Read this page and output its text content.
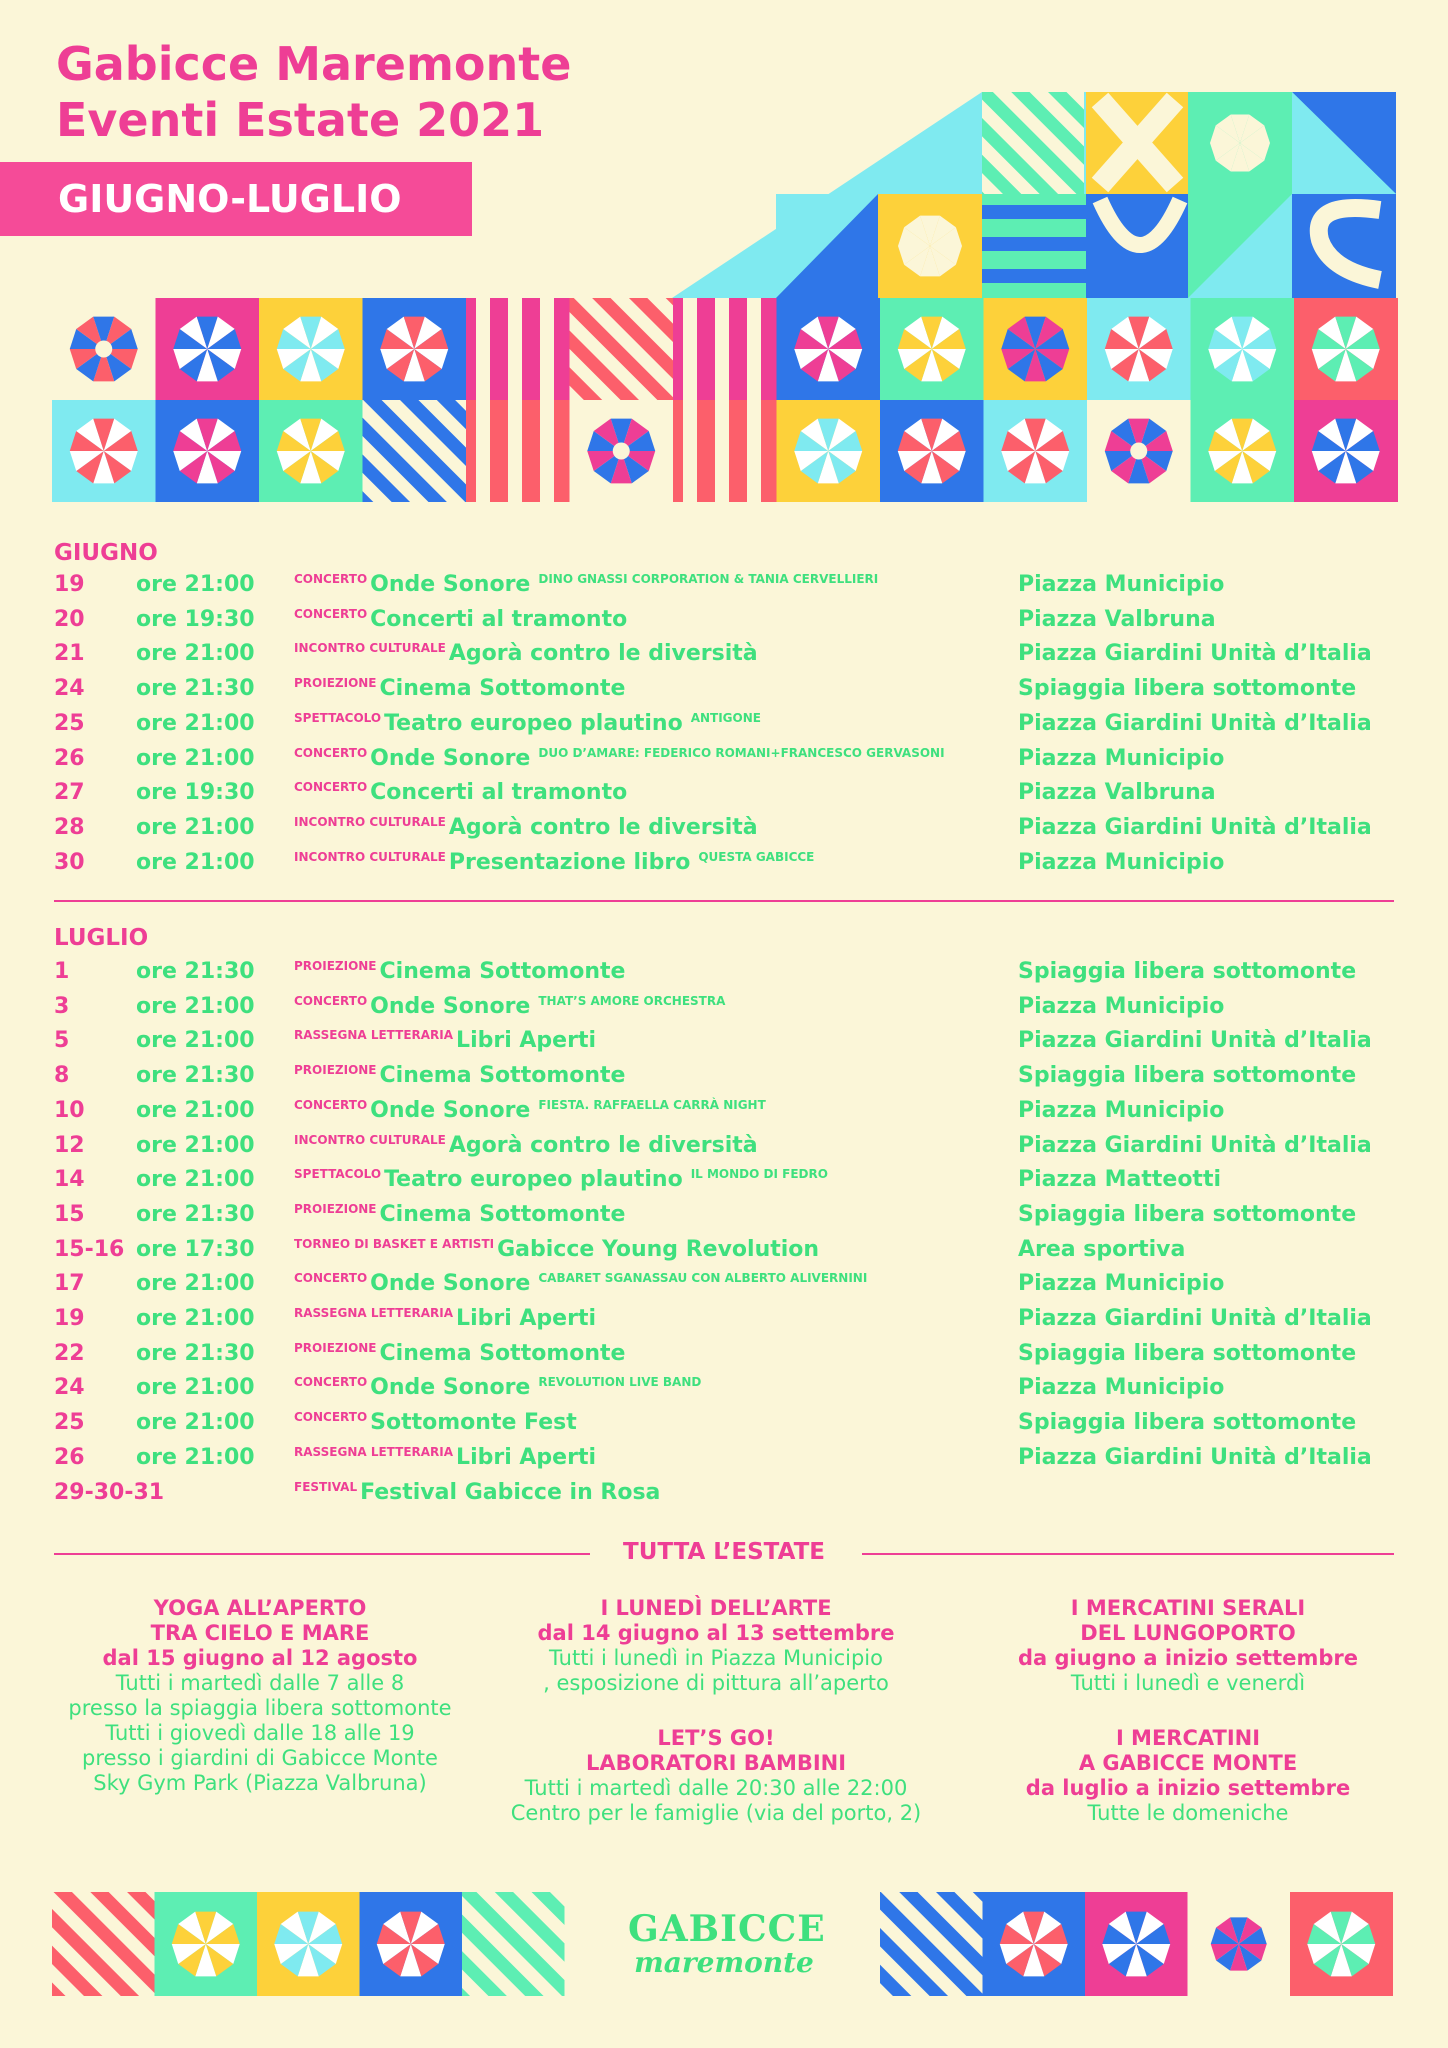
Gabicce Maremonte
Eventi Estate 2021
GIUGNO-LUGLIO
GIUGNO
19 ore 21:00	$^{CONCERTO}$ Onde Sonore $^{DINO GNASSI CORPORATION \& TANIA CERVELLIERI}$	Piazza Municipio
20 ore 19:30	$^{CONCERTO}$ Concerti al tramonto	Piazza Valbruna
21 ore 21:00	$^{INCONTRO CULTURALE}$ Agorà contro le diversità	Piazza Giardini Unità d’Italia
24 ore 21:30	$^{PROIEZIONE}$ Cinema Sottomonte	Spiaggia libera sottomonte
25 ore 21:00	$^{SPETTACOLO}$ Teatro europeo plautino $^{ANTIGONE}$	Piazza Giardini Unità d’Italia
26 ore 21:00	$^{CONCERTO}$ Onde Sonore $^{DUO D’AMARE: FEDERICO ROMANI+FRANCESCO GERVASONI}$	Piazza Municipio
27 ore 19:30	$^{CONCERTO}$ Concerti al tramonto	Piazza Valbruna
28 ore 21:00	$^{INCONTRO CULTURALE}$ Agorà contro le diversità	Piazza Giardini Unità d’Italia
30 ore 21:00	$^{INCONTRO CULTURALE}$ Presentazione libro $^{QUESTA GABICCE}$	Piazza Municipio
LUGLIO
1	ore 21:30	$^{PROIEZIONE}$ Cinema Sottomonte	Spiaggia libera sottomonte
3	ore 21:00	$^{CONCERTO}$ Onde Sonore $^{THAT’S AMORE ORCHESTRA}$	Piazza Municipio
5	ore 21:00	$^{RASSEGNA LETTERARIA}$ Libri Aperti	Piazza Giardini Unità d’Italia
8	ore 21:30	$^{PROIEZIONE}$ Cinema Sottomonte	Spiaggia libera sottomonte
10 ore 21:00	$^{CONCERTO}$ Onde Sonore $^{FIESTA. RAFFAELLA CARRÀ NIGHT}$	Piazza Municipio
12 ore 21:00	$^{INCONTRO CULTURALE}$ Agorà contro le diversità	Piazza Giardini Unità d’Italia
14 ore 21:00	$^{SPETTACOLO}$ Teatro europeo plautino $^{IL MONDO DI FEDRO}$	Piazza Matteotti
15 ore 21:30	$^{PROIEZIONE}$ Cinema Sottomonte	Spiaggia libera sottomonte
15-16 ore 17:30	$^{TORNEO DI BASKET E ARTISTI}$ Gabicce Young Revolution	Area sportiva
17 ore 21:00	$^{CONCERTO}$ Onde Sonore $^{CABARET SGANASSAU CON ALBERTO ALIVERNINI}$	Piazza Municipio
19 ore 21:00	$^{RASSEGNA LETTERARIA}$ Libri Aperti	Piazza Giardini Unità d’Italia
22 ore 21:30	$^{PROIEZIONE}$ Cinema Sottomonte	Spiaggia libera sottomonte
24 ore 21:00	$^{CONCERTO}$ Onde Sonore $^{REVOLUTION LIVE BAND}$	Piazza Municipio
25 ore 21:00	$^{CONCERTO}$ Sottomonte Fest	Spiaggia libera sottomonte
26 ore 21:00	$^{RASSEGNA LETTERARIA}$ Libri Aperti	Piazza Giardini Unità d’Italia
29-30-31	$^{FESTIVAL}$ Festival Gabicce in Rosa
TUTTA L’ESTATE
YOGA ALL’APERTO
TRA CIELO E MARE
dal 15 giugno al 12 agosto
Tutti i martedì dalle 7 alle 8
presso la spiaggia libera sottomonte
Tutti i giovedì dalle 18 alle 19
presso i giardini di Gabicce Monte
Sky Gym Park (Piazza Valbruna)
I LUNEDÌ DELL’ARTE
dal 14 giugno al 13 settembre
Tutti i lunedì in Piazza Municipio
, esposizione di pittura all’aperto
LET’S GO!
LABORATORI BAMBINI
Tutti i martedì dalle 20:30 alle 22:00
Centro per le famiglie (via del porto, 2)
I MERCATINI SERALI
DEL LUNGOPORTO
da giugno a inizio settembre
Tutti i lunedì e venerdì
I MERCATINI
A GABICCE MONTE
da luglio a inizio settembre
Tutte le domeniche
GABICCE
maremonte
